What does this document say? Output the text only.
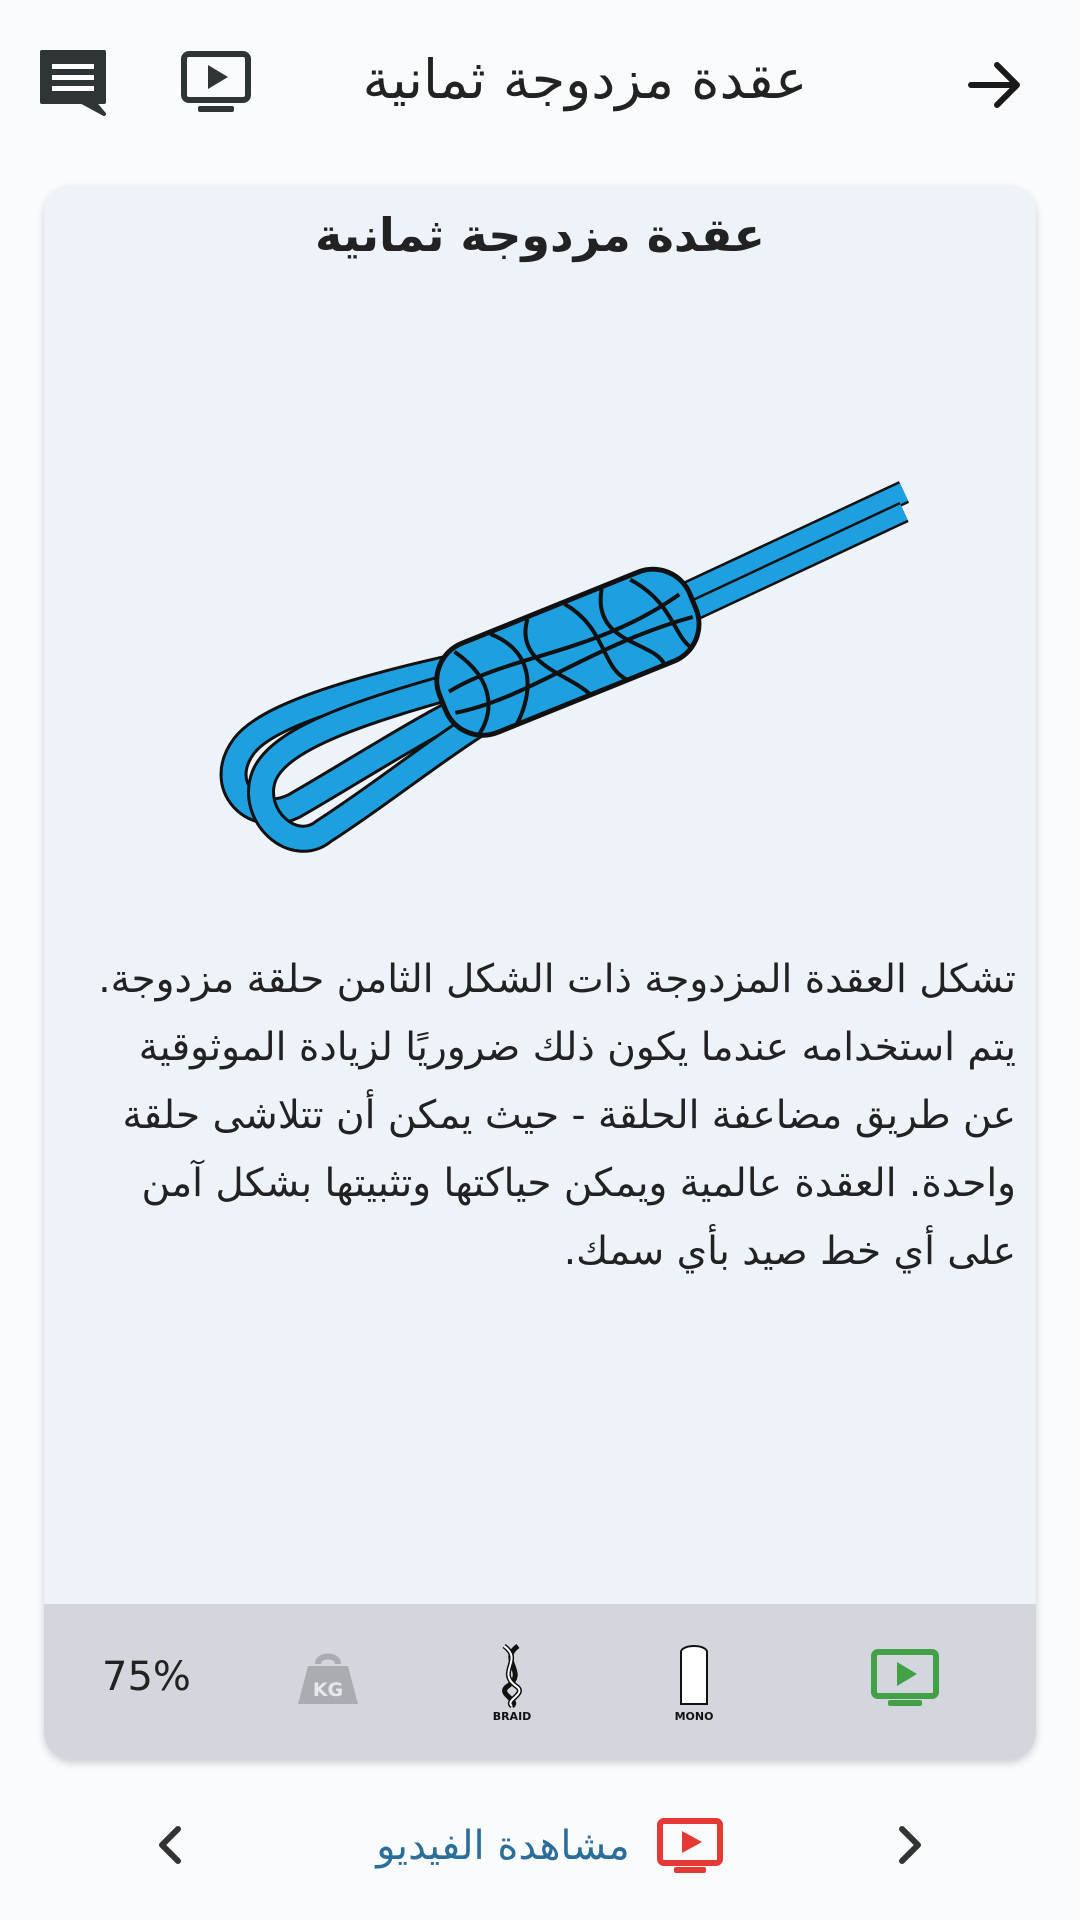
عقدة مزدوجة ثمانية
عقدة مزدوجة ثمانية
تشكل العقدة المزدوجة ذات الشكل الثامن حلقة مزدوجة. يتم استخدامه عندما يكون ذلك ضروريًا لزيادة الموثوقية عن طريق مضاعفة الحلقة - حيث يمكن أن تتلاشى حلقة واحدة. العقدة عالمية ويمكن حياكتها وتثبيتها بشكل آمن على أي خط صيد بأي سمك.
75%	KG
BRAID	MONO
مشاهدة الفيديو
